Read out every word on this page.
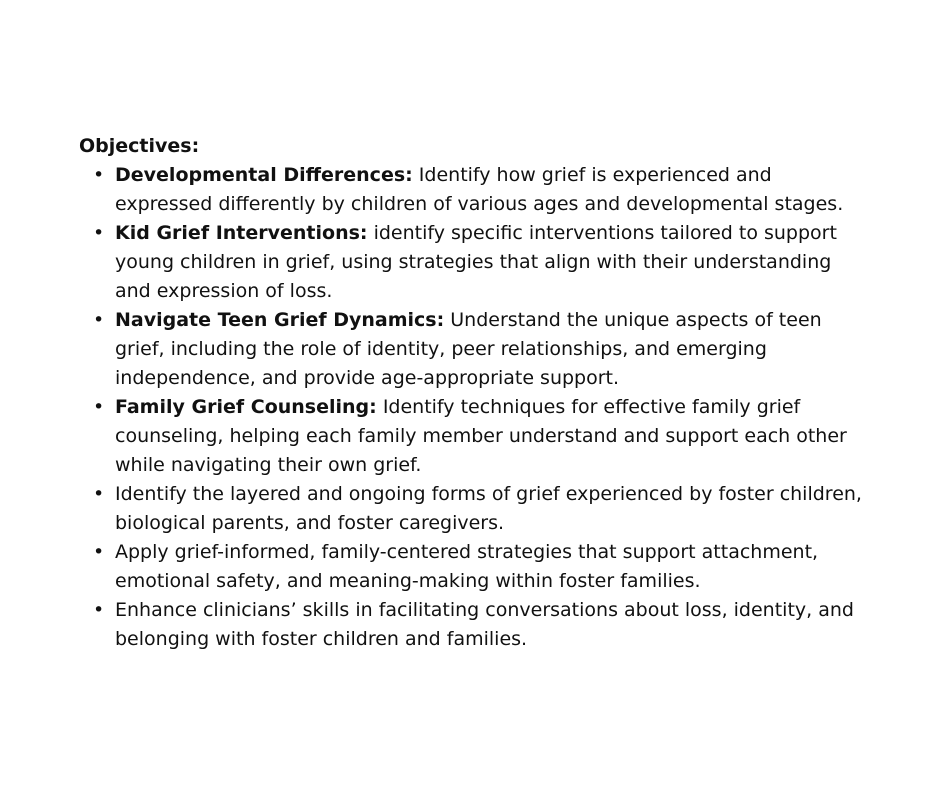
Objectives:

• Developmental Differences: Identify how grief is experienced and expressed differently by children of various ages and developmental stages.
• Kid Grief Interventions: identify specific interventions tailored to support young children in grief, using strategies that align with their understanding and expression of loss.
• Navigate Teen Grief Dynamics: Understand the unique aspects of teen grief, including the role of identity, peer relationships, and emerging independence, and provide age-appropriate support.
• Family Grief Counseling: Identify techniques for effective family grief counseling, helping each family member understand and support each other while navigating their own grief.
• Identify the layered and ongoing forms of grief experienced by foster children, biological parents, and foster caregivers.
• Apply grief-informed, family-centered strategies that support attachment, emotional safety, and meaning-making within foster families.
• Enhance clinicians’ skills in facilitating conversations about loss, identity, and belonging with foster children and families.
